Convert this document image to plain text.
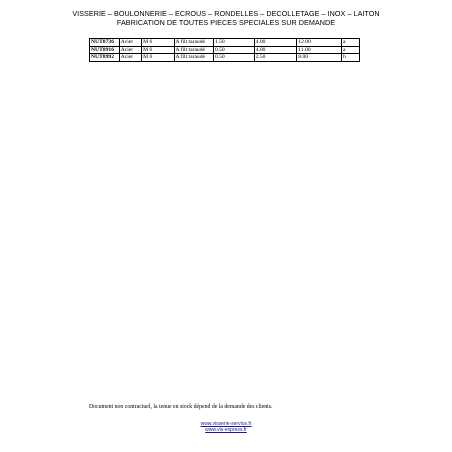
VISSERIE – BOULONNERIE – ECROUS – RONDELLES – DECOLLETAGE – INOX – LAITON
FABRICATION DE TOUTES PIECES SPECIALES SUR DEMANDE
NUT8736	Acier	M 6	A filt taraudé	1.50	4.00	12.00	a
NUT8916	Acier	M 6	A filt taraudé	0.50	4.00	11.00	a
NUT8992	Acier	M 6	A filt taraudé	0.50	2.50	8.00	b
Document non contractuel, la tenue en stock dépend de la demande des clients.
www.visserie-service.fr
www.vis-express.fr
